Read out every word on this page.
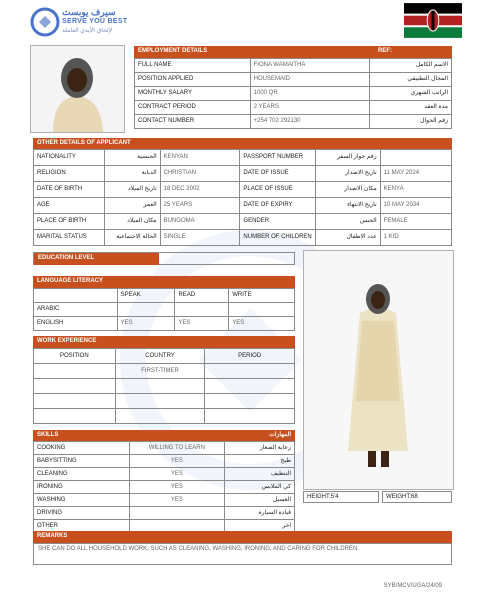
سيرف يوبست
SERVE YOU BEST
لإلحاق الأيدي العاملة
EMPLOYMENT DETAILS	REF:
FULL NAME	FIONA WAMAITHA	الاسم الكامل
POSITION APPLIED	HOUSEMAID	المجال التطبيقي
MONTHLY SALARY	1000 QR	الراتب الشهري
CONTRACT PERIOD	2 YEARS	مدة العقد
CONTACT NUMBER	+254 702 292130	رقم الجوال
OTHER DETAILS OF APPLICANT
NATIONALITY	الجنسية	KENYAN	PASSPORT NUMBER	رقم جواز السفر	
RELIGION	الديانة	CHRISTIAN	DATE OF ISSUE	تاريخ الاصدار	11 MAY 2024
DATE OF BIRTH	تاريخ الميلاد	18 DEC 2002	PLACE OF ISSUE	مكان الاصدار	KENYA
AGE	العمر	25 YEARS	DATE OF EXPIRY	تاريخ الانتهاء	10 MAY 2034
PLACE OF BIRTH	مكان الميلاد	BUNGOMA	GENDER	الجنس	FEMALE
MARITAL STATUS	الحالة الاجتماعية	SINGLE	NUMBER OF CHILDREN	عدد الاطفال	1 KID
EDUCATION LEVEL
LANGUAGE LITERACY
	SPEAK	READ	WRITE
ARABIC			
ENGLISH	YES	YES	YES
WORK EXPERIENCE
POSITION	COUNTRY	PERIOD
	FIRST-TIMER	

SKILLS	المهارات
COOKING	WILLING TO LEARN	رعاية الصغار
BABYSITTING	YES	طبخ
CLEANING	YES	التنظيف
IRONING	YES	كي الملابس
WASHING	YES	الغسيل
DRIVING		قيادة السيارة
OTHER		اخر
HEIGHT:5'4	WEIGHT:68
REMARKS
SHE CAN DO ALL HOUSEHOLD WORK, SUCH AS CLEANING, WASHING, IRONING, AND CARING FOR CHILDREN.
SYB/MCV/UGA/24/09
